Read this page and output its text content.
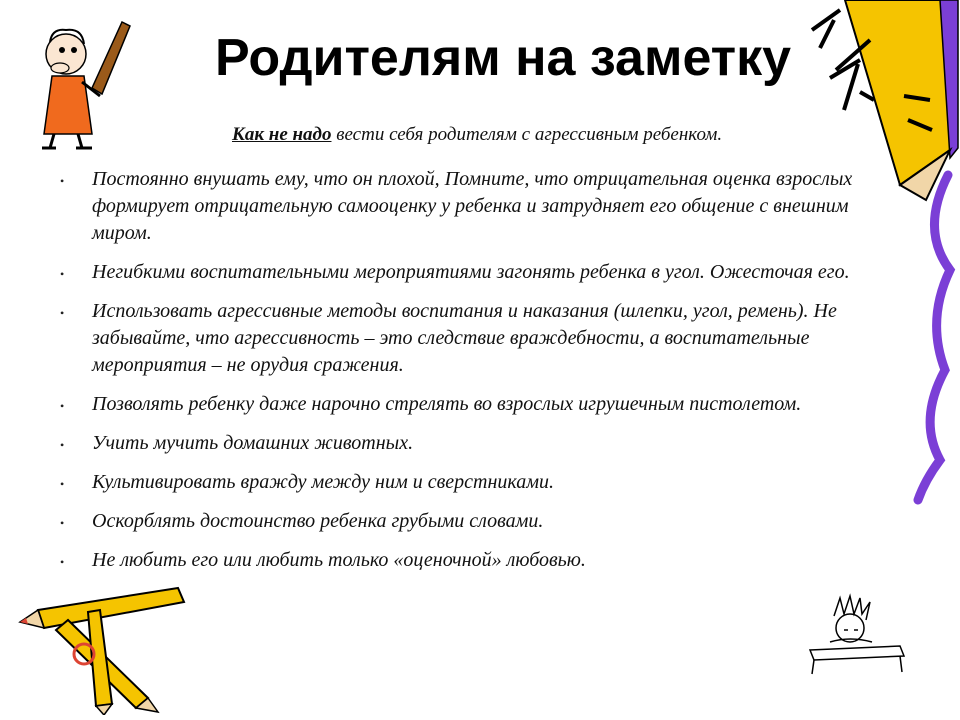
Родителям на заметку
Как не надо вести себя родителям с агрессивным ребенком.
• Постоянно внушать ему, что он плохой, Помните, что отрицательная оценка взрослых формирует отрицательную самооценку у ребенка и затрудняет его общение с внешним миром.
• Негибкими воспитательными мероприятиями загонять ребенка в угол. Ожесточая его.
• Использовать агрессивные методы воспитания и наказания (шлепки, угол, ремень). Не забывайте, что агрессивность – это следствие враждебности, а воспитательные мероприятия – не орудия сражения.
• Позволять ребенку даже нарочно стрелять во взрослых игрушечным пистолетом.
• Учить мучить домашних животных.
• Культивировать вражду между ним и сверстниками.
• Оскорблять достоинство ребенка грубыми словами.
• Не любить его или любить только «оценочной» любовью.
